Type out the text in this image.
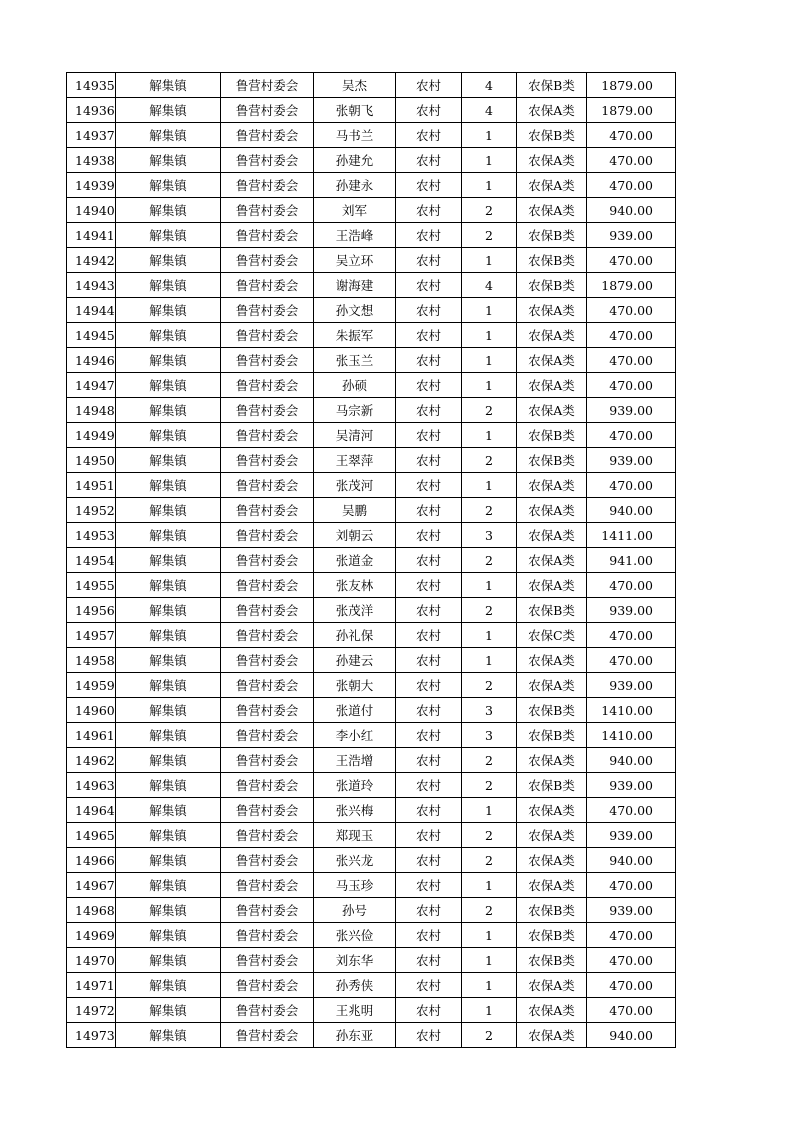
14935	解集镇	鲁营村委会	吴杰	农村	4	农保B类	1879.00
14936	解集镇	鲁营村委会	张朝飞	农村	4	农保A类	1879.00
14937	解集镇	鲁营村委会	马书兰	农村	1	农保B类	470.00
14938	解集镇	鲁营村委会	孙建允	农村	1	农保A类	470.00
14939	解集镇	鲁营村委会	孙建永	农村	1	农保A类	470.00
14940	解集镇	鲁营村委会	刘军	农村	2	农保A类	940.00
14941	解集镇	鲁营村委会	王浩峰	农村	2	农保B类	939.00
14942	解集镇	鲁营村委会	吴立环	农村	1	农保B类	470.00
14943	解集镇	鲁营村委会	谢海建	农村	4	农保B类	1879.00
14944	解集镇	鲁营村委会	孙文想	农村	1	农保A类	470.00
14945	解集镇	鲁营村委会	朱振军	农村	1	农保A类	470.00
14946	解集镇	鲁营村委会	张玉兰	农村	1	农保A类	470.00
14947	解集镇	鲁营村委会	孙硕	农村	1	农保A类	470.00
14948	解集镇	鲁营村委会	马宗新	农村	2	农保A类	939.00
14949	解集镇	鲁营村委会	吴清河	农村	1	农保B类	470.00
14950	解集镇	鲁营村委会	王翠萍	农村	2	农保B类	939.00
14951	解集镇	鲁营村委会	张茂河	农村	1	农保A类	470.00
14952	解集镇	鲁营村委会	吴鹏	农村	2	农保A类	940.00
14953	解集镇	鲁营村委会	刘朝云	农村	3	农保A类	1411.00
14954	解集镇	鲁营村委会	张道金	农村	2	农保A类	941.00
14955	解集镇	鲁营村委会	张友林	农村	1	农保A类	470.00
14956	解集镇	鲁营村委会	张茂洋	农村	2	农保B类	939.00
14957	解集镇	鲁营村委会	孙礼保	农村	1	农保C类	470.00
14958	解集镇	鲁营村委会	孙建云	农村	1	农保A类	470.00
14959	解集镇	鲁营村委会	张朝大	农村	2	农保A类	939.00
14960	解集镇	鲁营村委会	张道付	农村	3	农保B类	1410.00
14961	解集镇	鲁营村委会	李小红	农村	3	农保B类	1410.00
14962	解集镇	鲁营村委会	王浩增	农村	2	农保A类	940.00
14963	解集镇	鲁营村委会	张道玲	农村	2	农保B类	939.00
14964	解集镇	鲁营村委会	张兴梅	农村	1	农保A类	470.00
14965	解集镇	鲁营村委会	郑现玉	农村	2	农保A类	939.00
14966	解集镇	鲁营村委会	张兴龙	农村	2	农保A类	940.00
14967	解集镇	鲁营村委会	马玉珍	农村	1	农保A类	470.00
14968	解集镇	鲁营村委会	孙号	农村	2	农保B类	939.00
14969	解集镇	鲁营村委会	张兴俭	农村	1	农保B类	470.00
14970	解集镇	鲁营村委会	刘东华	农村	1	农保B类	470.00
14971	解集镇	鲁营村委会	孙秀侠	农村	1	农保A类	470.00
14972	解集镇	鲁营村委会	王兆明	农村	1	农保A类	470.00
14973	解集镇	鲁营村委会	孙东亚	农村	2	农保A类	940.00
